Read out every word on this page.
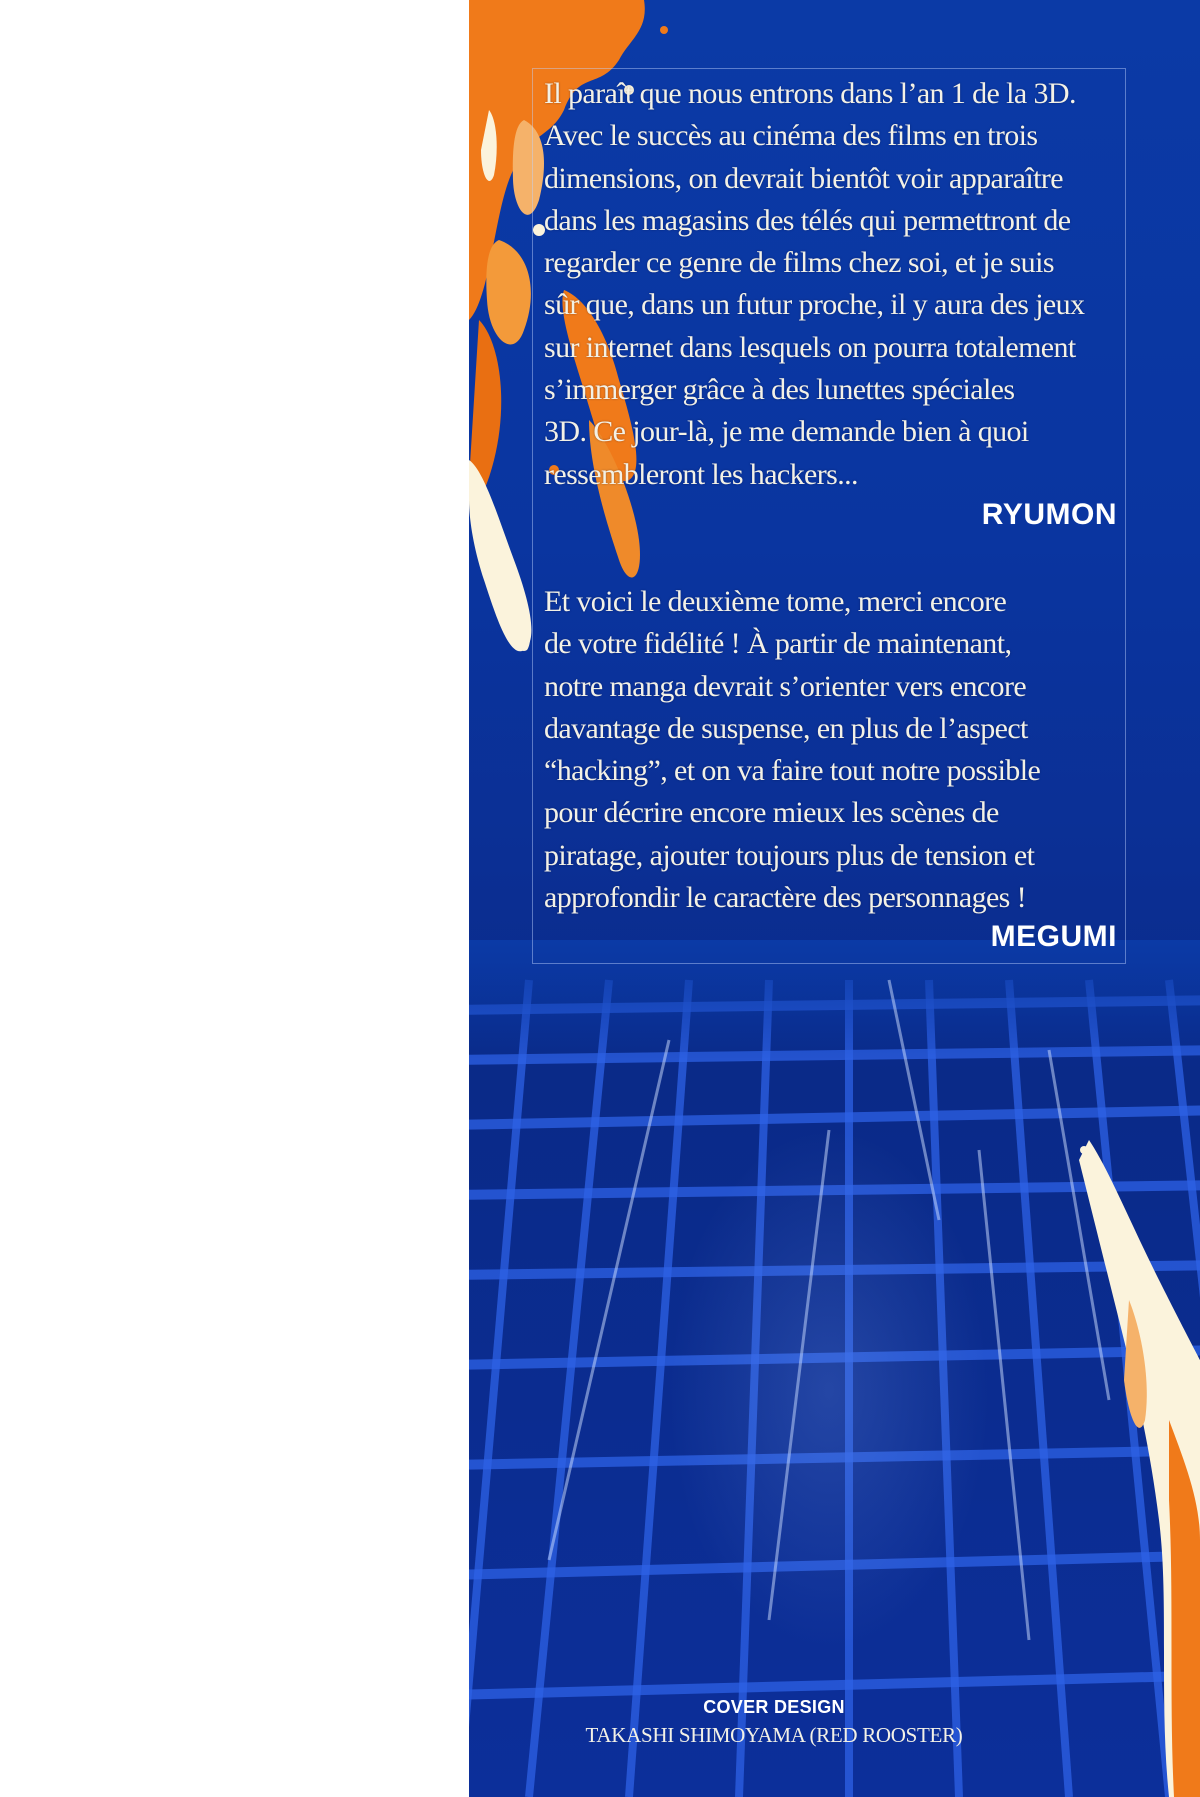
Il paraît que nous entrons dans l’an 1 de la 3D.
Avec le succès au cinéma des films en trois
dimensions, on devrait bientôt voir apparaître
dans les magasins des télés qui permettront de
regarder ce genre de films chez soi, et je suis
sûr que, dans un futur proche, il y aura des jeux
sur internet dans lesquels on pourra totalement
s’immerger grâce à des lunettes spéciales
3D. Ce jour-là, je me demande bien à quoi
ressembleront les hackers...

RYUMON

Et voici le deuxième tome, merci encore
de votre fidélité ! À partir de maintenant,
notre manga devrait s’orienter vers encore
davantage de suspense, en plus de l’aspect
“hacking”, et on va faire tout notre possible
pour décrire encore mieux les scènes de
piratage, ajouter toujours plus de tension et
approfondir le caractère des personnages !

MEGUMI

COVER DESIGN
TAKASHI SHIMOYAMA (RED ROOSTER)
